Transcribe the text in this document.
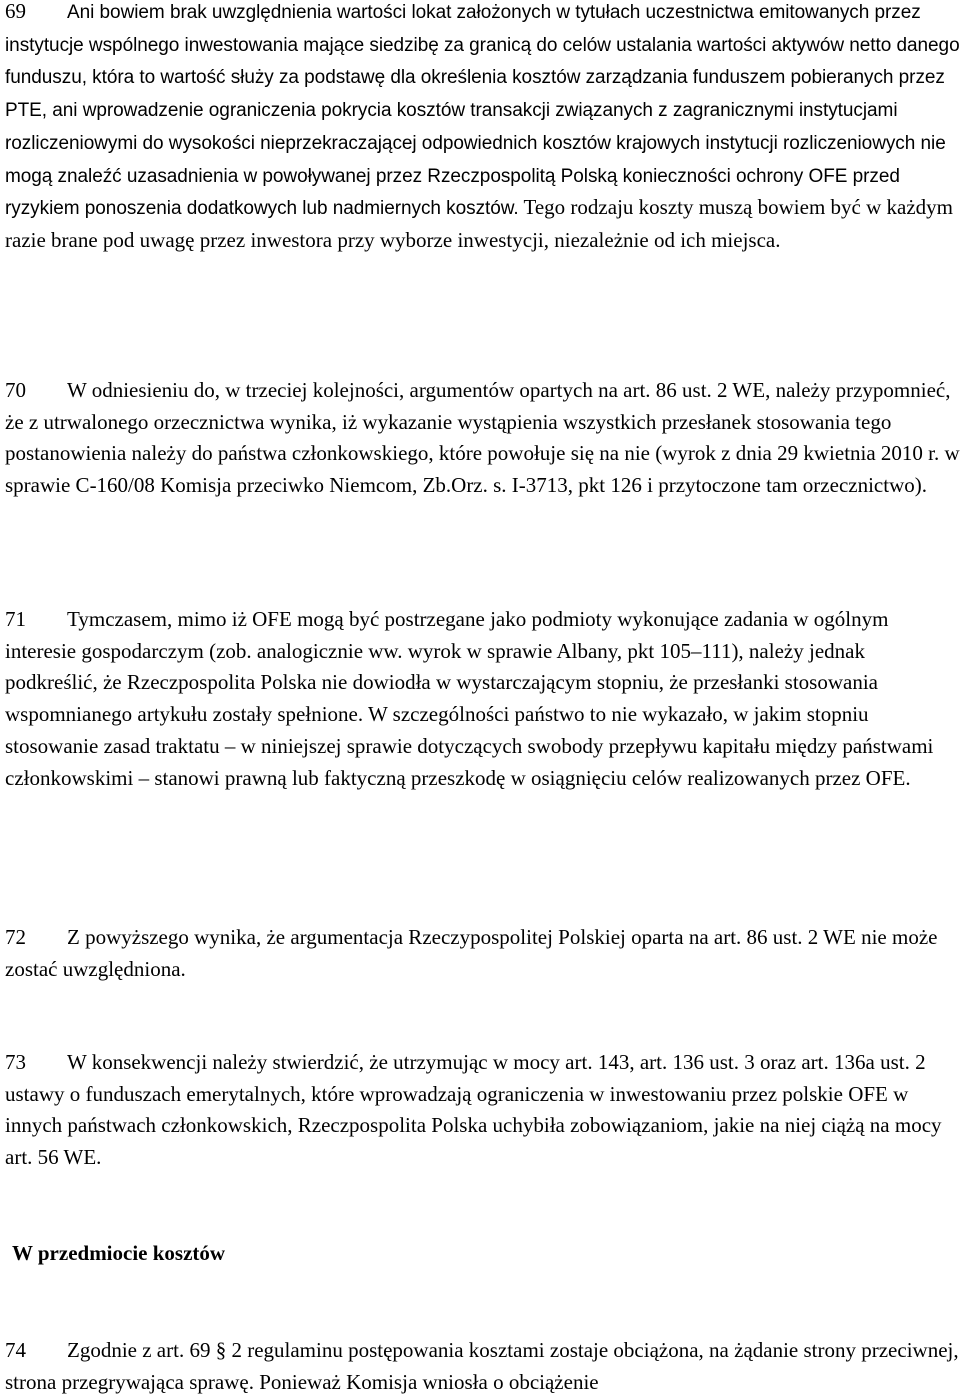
69 Ani bowiem brak uwzględnienia wartości lokat założonych w tytułach uczestnictwa emitowanych przez instytucje wspólnego inwestowania mające siedzibę za granicą do celów ustalania wartości aktywów netto danego funduszu, która to wartość służy za podstawę dla określenia kosztów zarządzania funduszem pobieranych przez PTE, ani wprowadzenie ograniczenia pokrycia kosztów transakcji związanych z zagranicznymi instytucjami rozliczeniowymi do wysokości nieprzekraczającej odpowiednich kosztów krajowych instytucji rozliczeniowych nie mogą znaleźć uzasadnienia w powoływanej przez Rzeczpospolitą Polską konieczności ochrony OFE przed ryzykiem ponoszenia dodatkowych lub nadmiernych kosztów. Tego rodzaju koszty muszą bowiem być w każdym razie brane pod uwagę przez inwestora przy wyborze inwestycji, niezależnie od ich miejsca.

70 W odniesieniu do, w trzeciej kolejności, argumentów opartych na art. 86 ust. 2 WE, należy przypomnieć, że z utrwalonego orzecznictwa wynika, iż wykazanie wystąpienia wszystkich przesłanek stosowania tego postanowienia należy do państwa członkowskiego, które powołuje się na nie (wyrok z dnia 29 kwietnia 2010 r. w sprawie C‑160/08 Komisja przeciwko Niemcom, Zb.Orz. s. I‑3713, pkt 126 i przytoczone tam orzecznictwo).

71 Tymczasem, mimo iż OFE mogą być postrzegane jako podmioty wykonujące zadania w ogólnym interesie gospodarczym (zob. analogicznie ww. wyrok w sprawie Albany, pkt 105–111), należy jednak podkreślić, że Rzeczpospolita Polska nie dowiodła w wystarczającym stopniu, że przesłanki stosowania wspomnianego artykułu zostały spełnione. W szczególności państwo to nie wykazało, w jakim stopniu stosowanie zasad traktatu – w niniejszej sprawie dotyczących swobody przepływu kapitału między państwami członkowskimi – stanowi prawną lub faktyczną przeszkodę w osiągnięciu celów realizowanych przez OFE.

72 Z powyższego wynika, że argumentacja Rzeczypospolitej Polskiej oparta na art. 86 ust. 2 WE nie może zostać uwzględniona.

73 W konsekwencji należy stwierdzić, że utrzymując w mocy art. 143, art. 136 ust. 3 oraz art. 136a ust. 2 ustawy o funduszach emerytalnych, które wprowadzają ograniczenia w inwestowaniu przez polskie OFE w innych państwach członkowskich, Rzeczpospolita Polska uchybiła zobowiązaniom, jakie na niej ciążą na mocy art. 56 WE.

W przedmiocie kosztów

74 Zgodnie z art. 69 § 2 regulaminu postępowania kosztami zostaje obciążona, na żądanie strony przeciwnej, strona przegrywająca sprawę. Ponieważ Komisja wniosła o obciążenie
